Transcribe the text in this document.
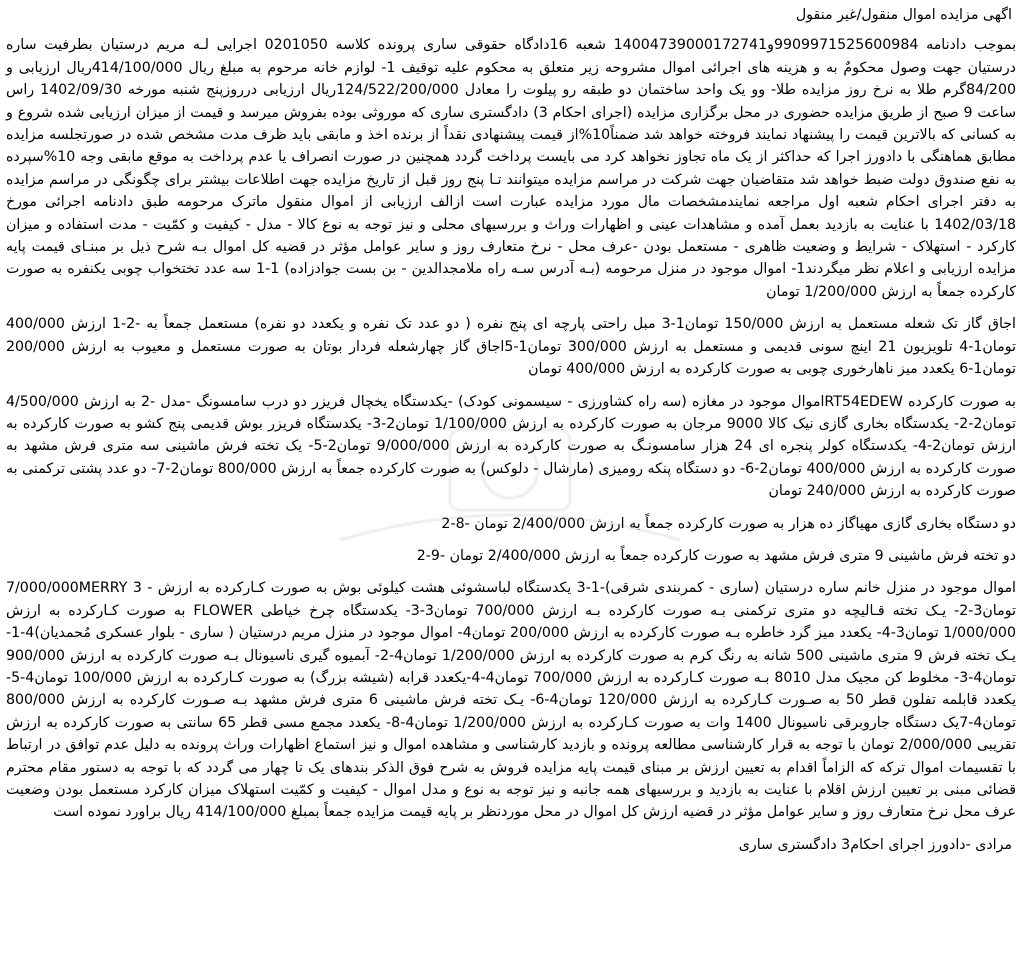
اگهی مزایده اموال منقول/غیر منقول

بموجب دادنامه 9909971525600984و14004739000172741 شعبه 16دادگاه حقوقی ساری پرونده کلاسه 0201050 اجرایی لـه مریم درستیان بطرفیت ساره درستیان جهت وصول محکومٌ به و هزینه های اجرائی اموال مشروحه زیر متعلق به محکوم علیه توقیف 1- لوازم خانه مرحوم به مبلغ ریال 414/100/000ریال ارزیابی و 84/200گرم طلا به نرخ روز مزایده طلا- وو یک واحد ساختمان دو طبقه رو پیلوت را معادل 124/522/200/000ریال ارزیابی درروزپنج شنبه مورخه 1402/09/30 راس ساعت 9 صبح از طریق مزایده حضوری در محل برگزاری مزایده (اجرای احکام 3) دادگستری ساری که موروثی بوده بفروش میرسد و قیمت از میزان ارزیابی شده شروع و به کسانی که بالاترین قیمت را پیشنهاد نمایند فروخته خواهد شد ضمناً10%از قیمت پیشنهادی نقداً از برنده اخذ و مابقی باید ظرف مدت مشخص شده در صورتجلسه مزایده مطابق هماهنگی با دادورز اجرا که حداکثر از یک ماه تجاوز نخواهد کرد می بایست پرداخت گردد همچنین در صورت انصراف یا عدم پرداخت به موقع مابقی وجه 10%سپرده به نفع صندوق دولت ضبط خواهد شد متقاضیان جهت شرکت در مراسم مزایده میتوانند تـا پنج روز قبل از تاریخ مزایده جهت اطلاعات بیشتر برای چگونگی در مراسم مزایده به دفتر اجرای احکام شعبه اول مراجعه نمایندمشخصات مال مورد مزایده عبارت است ازالف ارزیابی از اموال منقول ماترک مرحومه طبق دادنامه اجرائی مورخ 1402/03/18 با عنایت به بازدید بعمل آمده و مشاهدات عینی و اظهارات وراث و بررسیهای محلی و نیز توجه به نوع کالا - مدل - کیفیت و کمّیت - مدت استفاده و میزان کارکرد - استهلاک - شرایط و وضعیت ظاهری - مستعمل بودن -عرف محل - نرخ متعارف روز و سایر عوامل مؤثر در قضیه کل اموال بـه شرح ذیل بر مبنـای قیمت پایه مزایده ارزیابی و اعلام نظر میگردند1- اموال موجود در منزل مرحومه (بـه آدرس سـه راه ملامجدالدین - بن بست جوادزاده) 1-1 سه عدد تختخواب چوبی یکنفره به صورت کارکرده جمعاً به ارزش 1/200/000 تومان

اجاق گاز تک شعله مستعمل به ارزش 150/000 تومان1-3 مبل راحتی پارچه ای پنج نفره ( دو عدد تک نفره و یکعدد دو نفره) مستعمل جمعاً به -2-1 ارزش 400/000 تومان1-4 تلویزیون 21 اینچ سونی قدیمی و مستعمل به ارزش 300/000 تومان1-5اجاق گاز چهارشعله فردار بوتان به صورت مستعمل و معیوب به ارزش 200/000 تومان1-6 یکعدد میز ناهارخوری چوبی به صورت کارکرده به ارزش 400/000 تومان

به صورت کارکرده RT54EDEWاموال موجود در مغازه (سه راه کشاورزی - سیسمونی کودک) -یکدستگاه یخچال فریزر دو درب سامسونگ -مدل -2 به ارزش 4/500/000 تومان2-2- یکدستگاه بخاری گازی نیک کالا 9000 مرجان به صورت کارکرده به ارزش 1/100/000 تومان2-3- یکدستگاه فریزر بوش قدیمی پنج کشو به صورت کارکرده به ارزش تومان2-4- یکدستگاه کولر پنجره ای 24 هزار سامسونـگ به صورت کارکرده به ارزش 9/000/000 تومان2-5- یک تخته فرش ماشینی سه متری فرش مشهد به صورت کارکرده به ارزش 400/000 تومان2-6- دو دستگاه پنکه رومیزی (مارشال - دلوکس) به صورت کارکرده جمعاً به ارزش 800/000 تومان2-7- دو عدد پشتی ترکمنی به صورت کارکرده به ارزش 240/000 تومان

دو دستگاه بخاری گازی مهیاگاز ده هزار به صورت کارکرده جمعاً به ارزش 2/400/000 تومان -8-2

دو تخته فرش ماشینی 9 متری فرش مشهد به صورت کارکرده جمعاً به ارزش 2/400/000 تومان -9-2

اموال موجود در منزل خانم ساره درستیان (ساری - کمربندی شرقی)-1-3 یکدستگاه لباسشوئی هشت کیلوئی بوش به صورت کـارکرده به ارزش - 3 7/000/000MERRY تومان3-2- یـک تخته قـالیچه دو متری ترکمنی بـه صورت کارکرده بـه ارزش 700/000 تومان3-3- یکدستگاه چرخ خیاطی FLOWER به صورت کـارکرده به ارزش 1/000/000 تومان3-4- یکعدد میز گرد خاطره بـه صورت کارکرده به ارزش 200/000 تومان4- اموال موجود در منزل مریم درستیان ( ساری - بلوار عسکری مُحمدیان)4-1- یـک تخته فرش 9 متری ماشینی 500 شانه به رنگ کرم به صورت کارکرده به ارزش 1/200/000 تومان4-2- آبمیوه گیری ناسیونال بـه صورت کارکرده به ارزش 900/000 تومان4-3- مخلوط کن مجیک مدل 8010 بـه صورت کـارکرده به ارزش 700/000 تومان4-4-یکعدد قرابه (شیشه بزرگ) به صورت کـارکرده به ارزش 100/000 تومان4-5- یکعدد قابلمه تفلون قطر 50 به صـورت کـارکرده به ارزش 120/000 تومان4-6- یـک تخته فرش ماشینی 6 متری فرش مشهد بـه صـورت کارکرده به ارزش 800/000 تومان4-7یک دستگاه جاروبرقی ناسیونال 1400 وات به صورت کـارکرده به ارزش 1/200/000 تومان4-8- یکعدد مجمع مسی قطر 65 سانتی به صورت کارکرده به ارزش تقریبی 2/000/000 تومان با توجه به قرار کارشناسی مطالعه پرونده و بازدید کارشناسی و مشاهده اموال و نیز استماع اظهارات وراث پرونده به دلیل عدم توافق در ارتباط با تقسیمات اموال ترکه که الزاماً اقدام به تعیین ارزش بر مبنای قیمت پایه مزایده فروش به شرح فوق الذکر بندهای یک تا چهار می گردد که با توجه به دستور مقام محترم قضائی مبنی بر تعیین ارزش اقلام با عنایت به بازدید و بررسیهای همه جانبه و نیز توجه به نوع و مدل اموال - کیفیت و کمّیت استهلاک میزان کارکرد مستعمل بودن وضعیت عرف محل نرخ متعارف روز و سایر عوامل مؤثر در قضیه ارزش کل اموال در محل موردنظر بر پایه قیمت مزایده جمعاً بمبلغ 414/100/000 ریال براورد نموده است

مرادی -دادورز اجرای احکام3 دادگستری ساری
